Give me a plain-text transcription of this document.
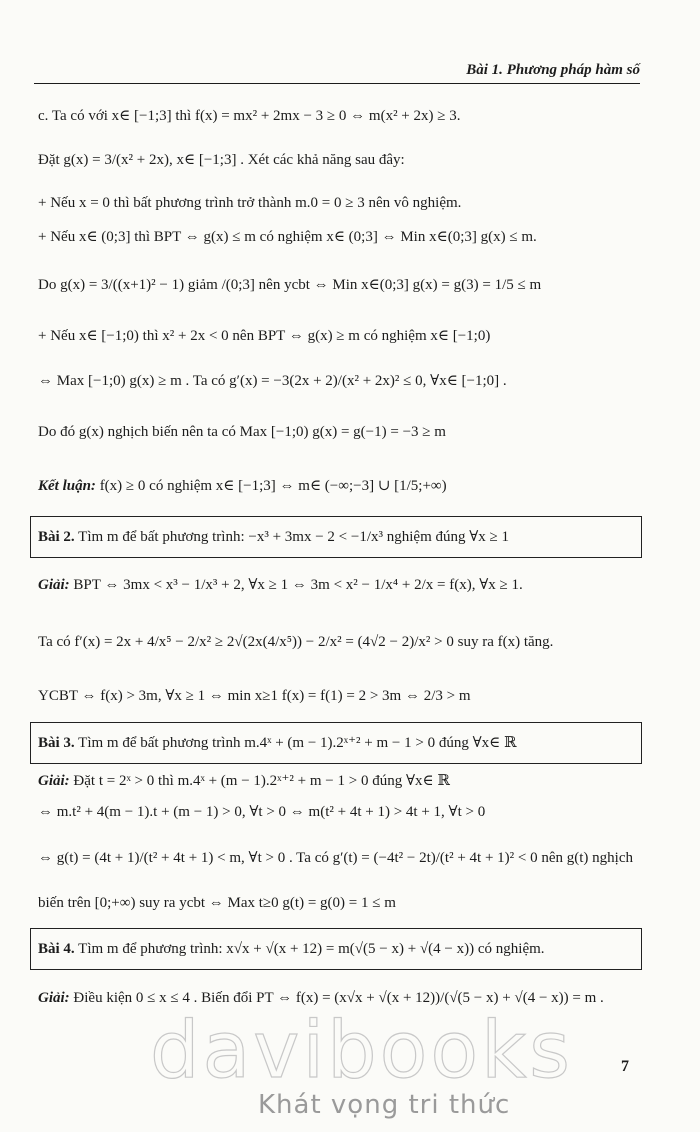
Bài 1. Phương pháp hàm số
c. Ta có với x∈ [−1;3] thì f(x) = mx² + 2mx − 3 ≥ 0 ⇔ m(x² + 2x) ≥ 3.
Đặt g(x) = 3/(x² + 2x), x∈ [−1;3] . Xét các khả năng sau đây:
+ Nếu x = 0 thì bất phương trình trở thành m.0 = 0 ≥ 3 nên vô nghiệm.
+ Nếu x∈ (0;3] thì BPT ⇔ g(x) ≤ m có nghiệm x∈ (0;3] ⇔ Min x∈(0;3] g(x) ≤ m.
Do g(x) = 3/((x+1)² − 1) giảm /(0;3] nên ycbt ⇔ Min x∈(0;3] g(x) = g(3) = 1/5 ≤ m
+ Nếu x∈ [−1;0) thì x² + 2x < 0 nên BPT ⇔ g(x) ≥ m có nghiệm x∈ [−1;0)
⇔ Max [−1;0) g(x) ≥ m . Ta có g′(x) = −3(2x + 2)/(x² + 2x)² ≤ 0, ∀x∈ [−1;0] .
Do đó g(x) nghịch biến nên ta có Max [−1;0) g(x) = g(−1) = −3 ≥ m
Kết luận: f(x) ≥ 0 có nghiệm x∈ [−1;3] ⇔ m∈ (−∞;−3] ∪ [1/5;+∞)
Bài 2. Tìm m để bất phương trình: −x³ + 3mx − 2 < −1/x³ nghiệm đúng ∀x ≥ 1
Giải: BPT ⇔ 3mx < x³ − 1/x³ + 2, ∀x ≥ 1 ⇔ 3m < x² − 1/x⁴ + 2/x = f(x), ∀x ≥ 1.
Ta có f′(x) = 2x + 4/x⁵ − 2/x² ≥ 2√(2x(4/x⁵)) − 2/x² = (4√2 − 2)/x² > 0 suy ra f(x) tăng.
YCBT ⇔ f(x) > 3m, ∀x ≥ 1 ⇔ min x≥1 f(x) = f(1) = 2 > 3m ⇔ 2/3 > m
Bài 3. Tìm m để bất phương trình m.4ˣ + (m − 1).2ˣ⁺² + m − 1 > 0 đúng ∀x∈ ℝ
Giải: Đặt t = 2ˣ > 0 thì m.4ˣ + (m − 1).2ˣ⁺² + m − 1 > 0 đúng ∀x∈ ℝ
⇔ m.t² + 4(m − 1).t + (m − 1) > 0, ∀t > 0 ⇔ m(t² + 4t + 1) > 4t + 1, ∀t > 0
⇔ g(t) = (4t + 1)/(t² + 4t + 1) < m, ∀t > 0 . Ta có g′(t) = (−4t² − 2t)/(t² + 4t + 1)² < 0 nên g(t) nghịch
biến trên [0;+∞) suy ra ycbt ⇔ Max t≥0 g(t) = g(0) = 1 ≤ m
Bài 4. Tìm m để phương trình: x√x + √(x + 12) = m(√(5 − x) + √(4 − x)) có nghiệm.
Giải: Điều kiện 0 ≤ x ≤ 4 . Biến đổi PT ⇔ f(x) = (x√x + √(x + 12))/(√(5 − x) + √(4 − x)) = m .
davibooks
Khát vọng tri thức
7
